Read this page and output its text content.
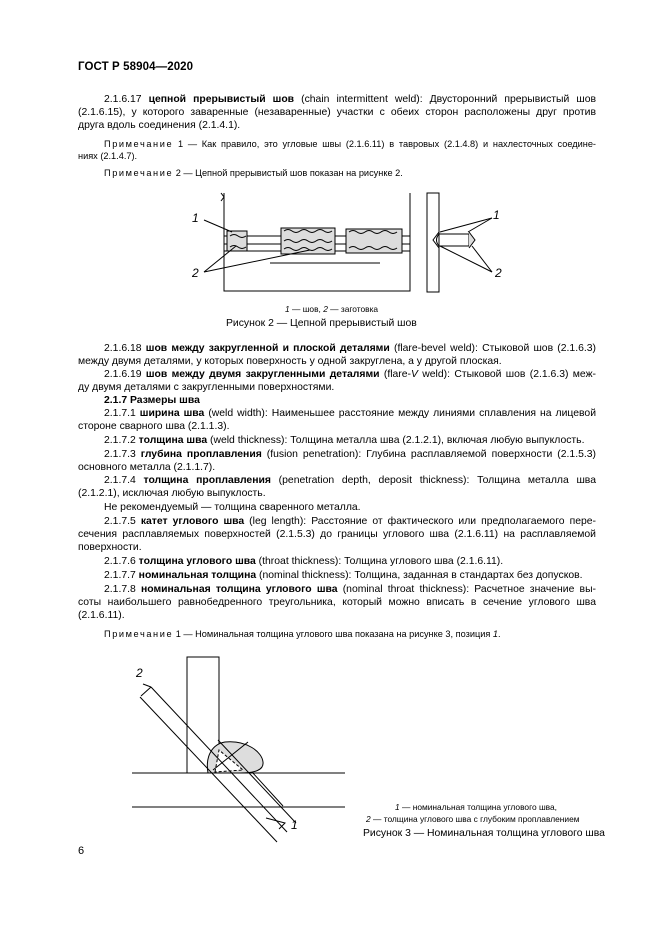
ГОСТ Р 58904—2020
2.1.6.17 цепной прерывистый шов (chain intermittent weld): Двусторонний прерывистый шов
(2.1.6.15), у которого заваренные (незаваренные) участки с обеих сторон расположены друг против
друга вдоль соединения (2.1.4.1).
Примечание 1 — Как правило, это угловые швы (2.1.6.11) в тавровых (2.1.4.8) и нахлесточных соедине-
ниях (2.1.4.7).
Примечание 2 — Цепной прерывистый шов показан на рисунке 2.
1
2
1
2
1 — шов, 2 — заготовка
Рисунок 2 — Цепной прерывистый шов
2.1.6.18 шов между закругленной и плоской деталями (flare-bevel weld): Стыковой шов (2.1.6.3)
между двумя деталями, у которых поверхность у одной закруглена, а у другой плоская.
2.1.6.19 шов между двумя закругленными деталями (flare-V weld): Стыковой шов (2.1.6.3) меж-
ду двумя деталями с закругленными поверхностями.
2.1.7 Размеры шва
2.1.7.1 ширина шва (weld width): Наименьшее расстояние между линиями сплавления на лицевой
стороне сварного шва (2.1.1.3).
2.1.7.2 толщина шва (weld thickness): Толщина металла шва (2.1.2.1), включая любую выпуклость.
2.1.7.3 глубина проплавления (fusion penetration): Глубина расплавляемой поверхности (2.1.5.3)
основного металла (2.1.1.7).
2.1.7.4 толщина проплавления (penetration depth, deposit thickness): Толщина металла шва
(2.1.2.1), исключая любую выпуклость.
Не рекомендуемый — толщина сваренного металла.
2.1.7.5 катет углового шва (leg length): Расстояние от фактического или предполагаемого пере-
сечения расплавляемых поверхностей (2.1.5.3) до границы углового шва (2.1.6.11) на расплавляемой
поверхности.
2.1.7.6 толщина углового шва (throat thickness): Толщина углового шва (2.1.6.11).
2.1.7.7 номинальная толщина (nominal thickness): Толщина, заданная в стандартах без допусков.
2.1.7.8 номинальная толщина углового шва (nominal throat thickness): Расчетное значение вы-
соты наибольшего равнобедренного треугольника, который можно вписать в сечение углового шва
(2.1.6.11).
Примечание 1 — Номинальная толщина углового шва показана на рисунке 3, позиция 1.
2
1
1 — номинальная толщина углового шва,
2 — толщина углового шва с глубоким проплавлением
Рисунок 3 — Номинальная толщина углового шва
6
